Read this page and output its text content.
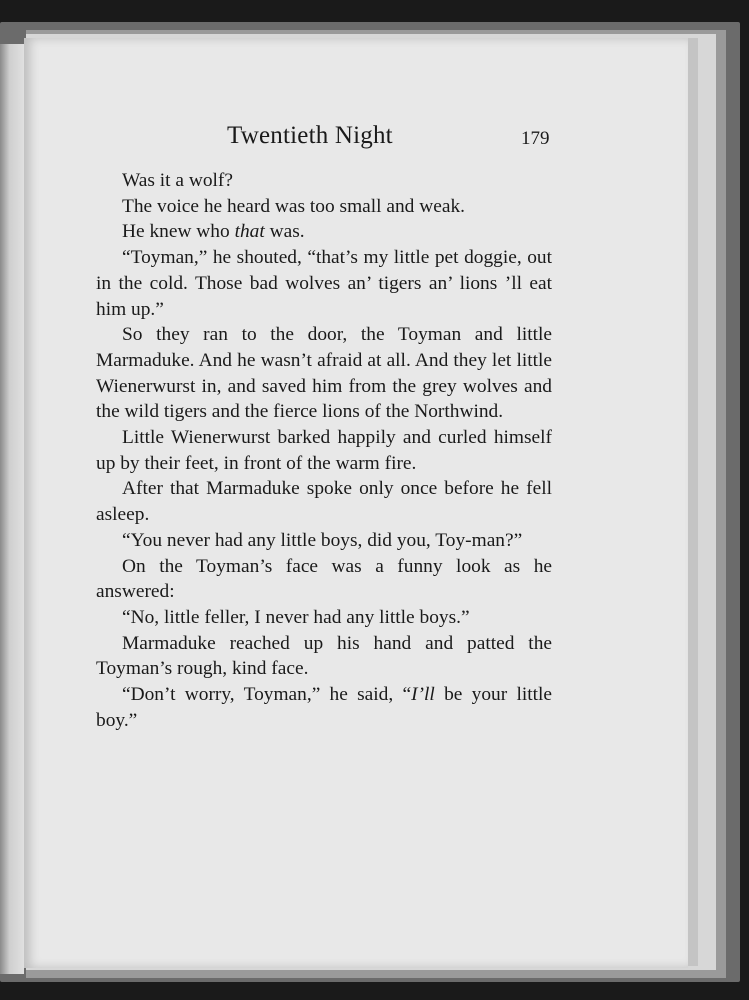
Twentieth Night	179

Was it a wolf?

The voice he heard was too small and weak.

He knew who that was.

“Toyman,” he shouted, “that’s my little pet doggie, out in the cold. Those bad wolves an’ tigers an’ lions ’ll eat him up.”

So they ran to the door, the Toyman and little Marmaduke. And he wasn’t afraid at all. And they let little Wienerwurst in, and saved him from the grey wolves and the wild tigers and the fierce lions of the Northwind.

Little Wienerwurst barked happily and curled himself up by their feet, in front of the warm fire.

After that Marmaduke spoke only once before he fell asleep.

“You never had any little boys, did you, Toy-man?”

On the Toyman’s face was a funny look as he answered:

“No, little feller, I never had any little boys.”

Marmaduke reached up his hand and patted the Toyman’s rough, kind face.

“Don’t worry, Toyman,” he said, “I’ll be your little boy.”
